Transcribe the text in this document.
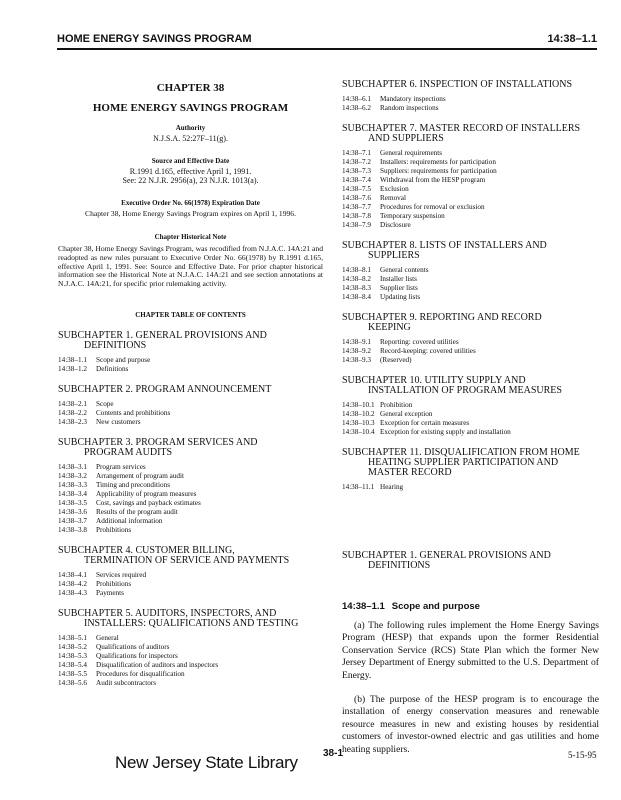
HOME ENERGY SAVINGS PROGRAM	14:38–1.1

CHAPTER 38

HOME ENERGY SAVINGS PROGRAM

Authority

N.J.S.A. 52:27F–11(g).

Source and Effective Date

R.1991 d.165, effective April 1, 1991.

See: 22 N.J.R. 2956(a), 23 N.J.R. 1013(a).

Executive Order No. 66(1978) Expiration Date

Chapter 38, Home Energy Savings Program expires on April 1, 1996.

Chapter Historical Note

Chapter 38, Home Energy Savings Program, was recodified from N.J.A.C. 14A:21 and readopted as new rules pursuant to Executive Order No. 66(1978) by R.1991 d.165, effective April 1, 1991. See: Source and Effective Date. For prior chapter historical information see the Historical Note at N.J.A.C. 14A:21 and see section annotations at N.J.A.C. 14A:21, for specific prior rulemaking activity.

CHAPTER TABLE OF CONTENTS

SUBCHAPTER 1. GENERAL PROVISIONS AND
DEFINITIONS

14:38–1.1 Scope and purpose
14:38–1.2 Definitions

SUBCHAPTER 2. PROGRAM ANNOUNCEMENT

14:38–2.1 Scope
14:38–2.2 Contents and prohibitions
14:38–2.3 New customers

SUBCHAPTER 3. PROGRAM SERVICES AND
PROGRAM AUDITS

14:38–3.1 Program services
14:38–3.2 Arrangement of program audit
14:38–3.3 Timing and preconditions
14:38–3.4 Applicability of program measures
14:38–3.5 Cost, savings and payback estimates
14:38–3.6 Results of the program audit
14:38–3.7 Additional information
14:38–3.8 Prohibitions

SUBCHAPTER 4. CUSTOMER BILLING,
TERMINATION OF SERVICE AND PAYMENTS

14:38–4.1 Services required
14:38–4.2 Prohibitions
14:38–4.3 Payments

SUBCHAPTER 5. AUDITORS, INSPECTORS, AND
INSTALLERS: QUALIFICATIONS AND TESTING

14:38–5.1 General
14:38–5.2 Qualifications of auditors
14:38–5.3 Qualifications for inspectors
14:38–5.4 Disqualification of auditors and inspectors
14:38–5.5 Procedures for disqualification
14:38–5.6 Audit subcontractors

SUBCHAPTER 6. INSPECTION OF INSTALLATIONS

14:38–6.1 Mandatory inspections
14:38–6.2 Random inspections

SUBCHAPTER 7. MASTER RECORD OF INSTALLERS
AND SUPPLIERS

14:38–7.1 General requirements
14:38–7.2 Installers: requirements for participation
14:38–7.3 Suppliers: requirements for participation
14:38–7.4 Withdrawal from the HESP program
14:38–7.5 Exclusion
14:38–7.6 Removal
14:38–7.7 Procedures for removal or exclusion
14:38–7.8 Temporary suspension
14:38–7.9 Disclosure

SUBCHAPTER 8. LISTS OF INSTALLERS AND
SUPPLIERS

14:38–8.1 General contents
14:38–8.2 Installer lists
14:38–8.3 Supplier lists
14:38–8.4 Updating lists

SUBCHAPTER 9. REPORTING AND RECORD
KEEPING

14:38–9.1 Reporting: covered utilities
14:38–9.2 Record-keeping: covered utilities
14:38–9.3 (Reserved)

SUBCHAPTER 10. UTILITY SUPPLY AND
INSTALLATION OF PROGRAM MEASURES

14:38–10.1 Prohibition
14:38–10.2 General exception
14:38–10.3 Exception for certain measures
14:38–10.4 Exception for existing supply and installation

SUBCHAPTER 11. DISQUALIFICATION FROM HOME
HEATING SUPPLIER PARTICIPATION AND MASTER RECORD

14:38–11.1 Hearing

SUBCHAPTER 1. GENERAL PROVISIONS AND
DEFINITIONS

14:38–1.1 Scope and purpose

(a) The following rules implement the Home Energy Savings Program (HESP) that expands upon the former Residential Conservation Service (RCS) State Plan which the former New Jersey Department of Energy submitted to the U.S. Department of Energy.

(b) The purpose of the HESP program is to encourage the installation of energy conservation measures and renewable resource measures in new and existing houses by residential customers of investor-owned electric and gas utilities and home heating suppliers.

New Jersey State Library	38-1	5-15-95
